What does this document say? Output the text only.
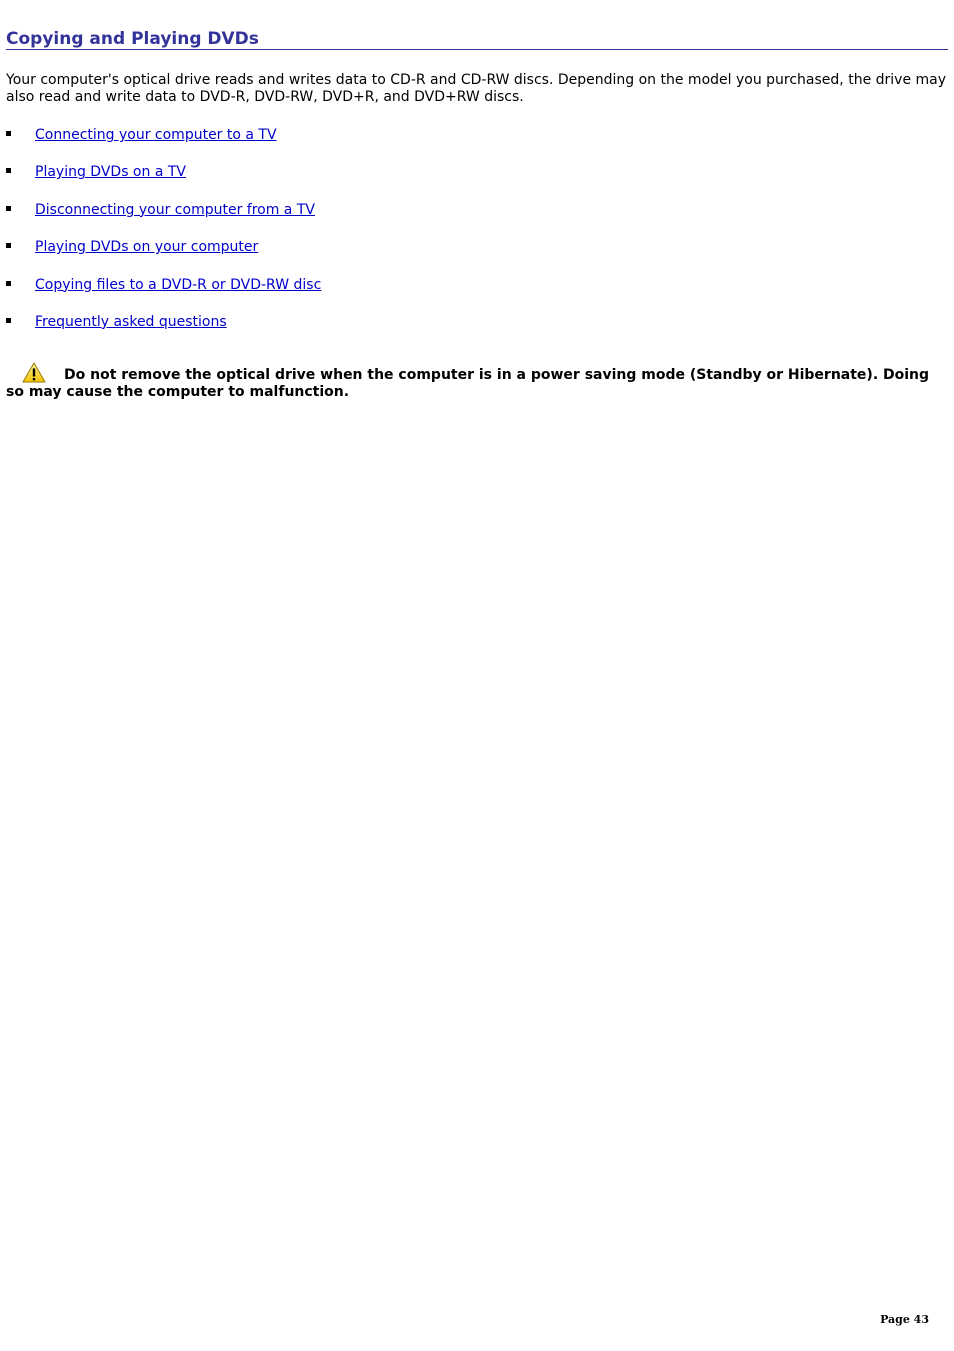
Copying and Playing DVDs

Your computer's optical drive reads and writes data to CD-R and CD-RW discs. Depending on the model you purchased, the drive may also read and write data to DVD-R, DVD-RW, DVD+R, and DVD+RW discs.

Connecting your computer to a TV
Playing DVDs on a TV
Disconnecting your computer from a TV
Playing DVDs on your computer
Copying files to a DVD-R or DVD-RW disc
Frequently asked questions

Do not remove the optical drive when the computer is in a power saving mode (Standby or Hibernate). Doing so may cause the computer to malfunction.

Page 43
